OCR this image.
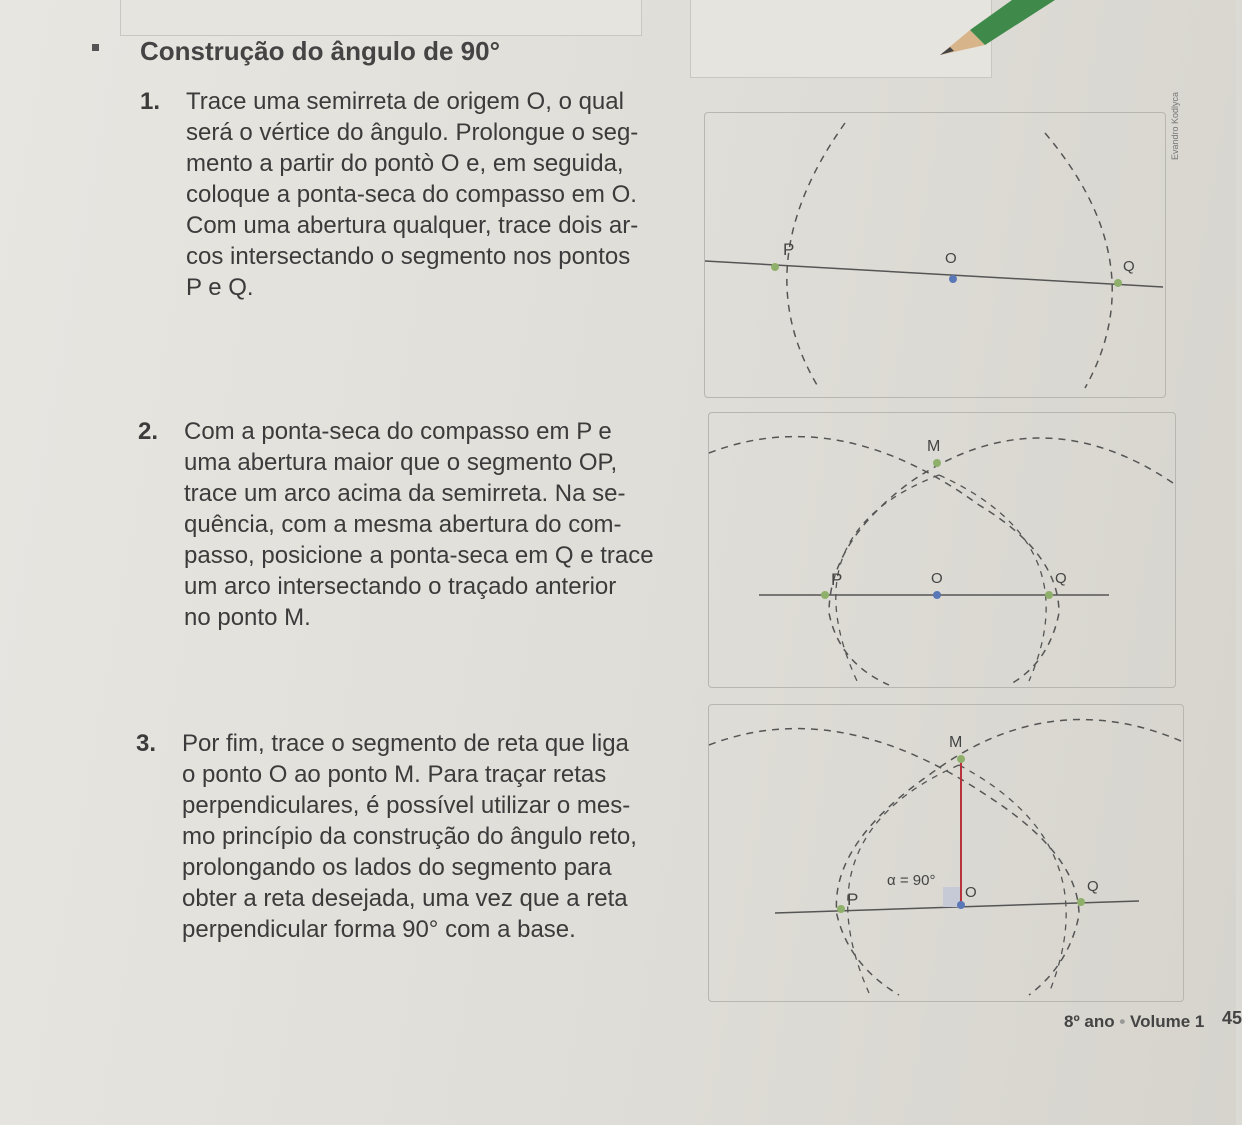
Construção do ângulo de 90°
1. Trace uma semirreta de origem O, o qual
será o vértice do ângulo. Prolongue o seg-
mento a partir do pontò O e, em seguida,
coloque a ponta-seca do compasso em O.
Com uma abertura qualquer, trace dois ar-
cos intersectando o segmento nos pontos
P e Q.
2. Com a ponta-seca do compasso em P e
uma abertura maior que o segmento OP,
trace um arco acima da semirreta. Na se-
quência, com a mesma abertura do com-
passo, posicione a ponta-seca em Q e trace
um arco intersectando o traçado anterior
no ponto M.
3. Por fim, trace o segmento de reta que liga
o ponto O ao ponto M. Para traçar retas
perpendiculares, é possível utilizar o mes-
mo princípio da construção do ângulo reto,
prolongando os lados do segmento para
obter a reta desejada, uma vez que a reta
perpendicular forma 90° com a base.
P	O	Q
Evandro Kodlyca
M
P	O	Q
M
P	O	Q
α = 90°
8º ano • Volume 1 45
